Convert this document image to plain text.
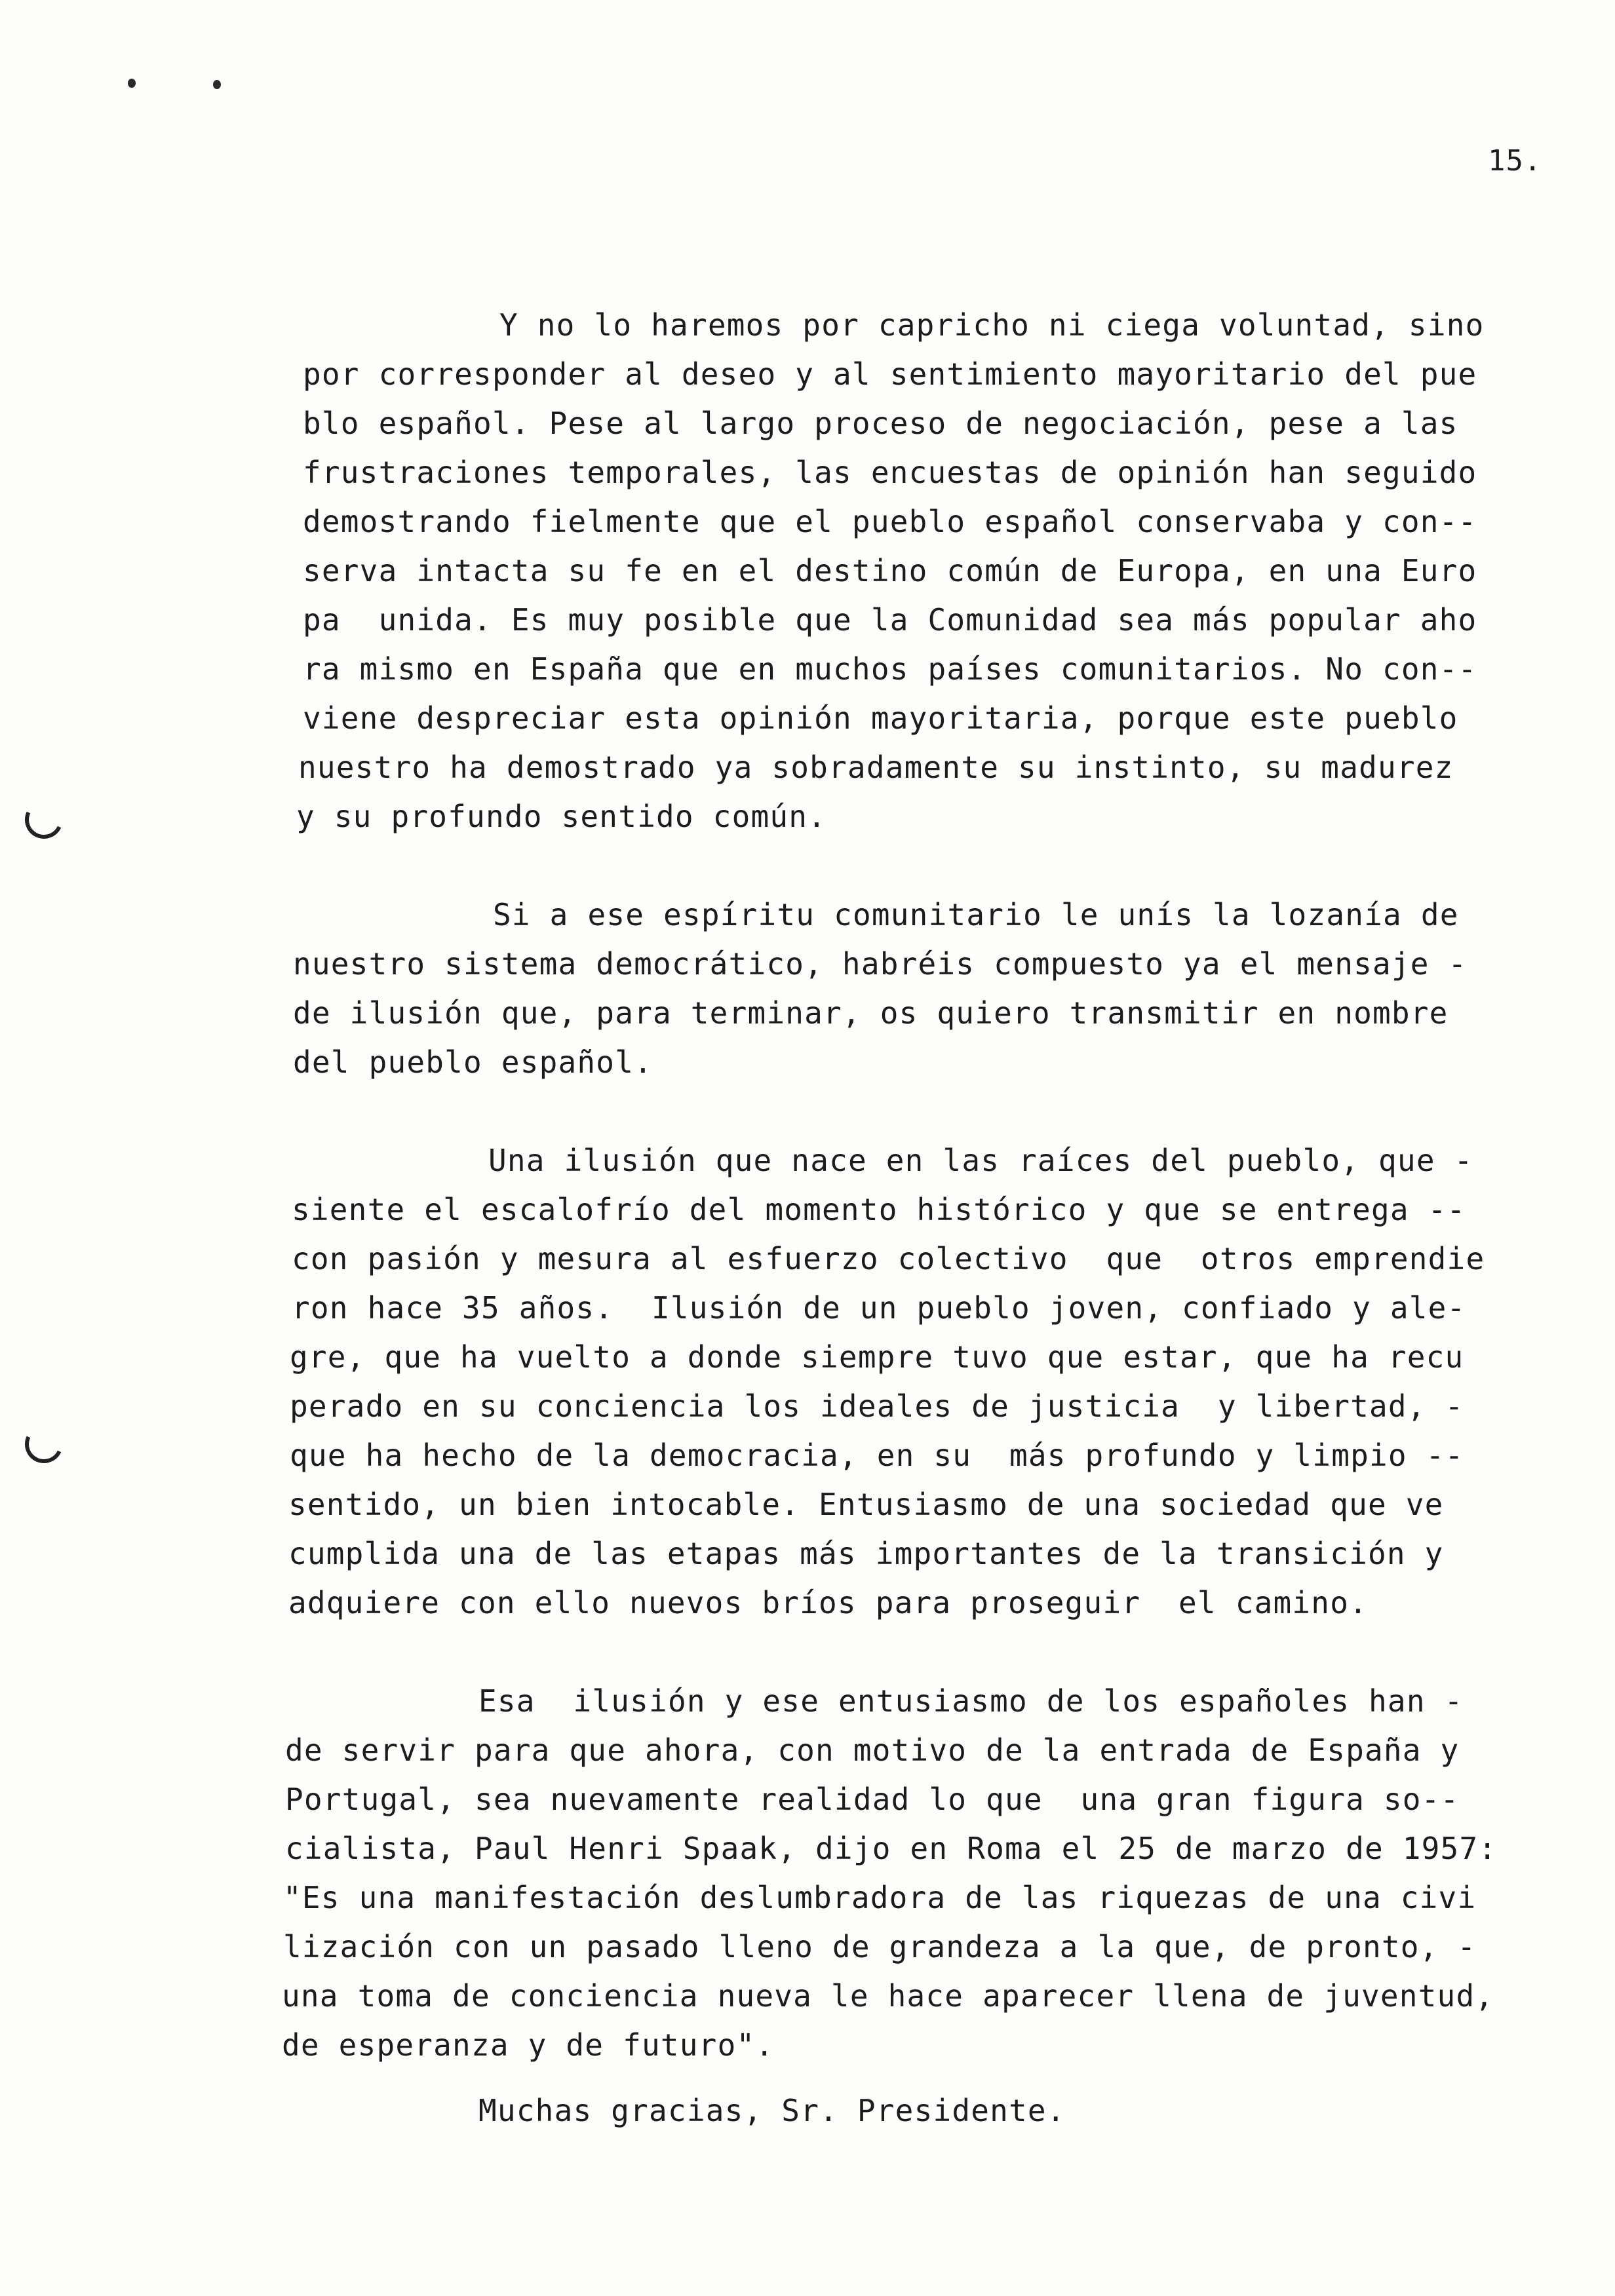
15.
Y no lo haremos por capricho ni ciega voluntad, sino
por corresponder al deseo y al sentimiento mayoritario del pue
blo español. Pese al largo proceso de negociación, pese a las
frustraciones temporales, las encuestas de opinión han seguido
demostrando fielmente que el pueblo español conservaba y con--
serva intacta su fe en el destino común de Europa, en una Euro
pa  unida. Es muy posible que la Comunidad sea más popular aho
ra mismo en España que en muchos países comunitarios. No con--
viene despreciar esta opinión mayoritaria, porque este pueblo
nuestro ha demostrado ya sobradamente su instinto, su madurez
y su profundo sentido común.
Si a ese espíritu comunitario le unís la lozanía de
nuestro sistema democrático, habréis compuesto ya el mensaje -
de ilusión que, para terminar, os quiero transmitir en nombre
del pueblo español.
Una ilusión que nace en las raíces del pueblo, que -
siente el escalofrío del momento histórico y que se entrega --
con pasión y mesura al esfuerzo colectivo  que  otros emprendie
ron hace 35 años.  Ilusión de un pueblo joven, confiado y ale-
gre, que ha vuelto a donde siempre tuvo que estar, que ha recu
perado en su conciencia los ideales de justicia  y libertad, -
que ha hecho de la democracia, en su  más profundo y limpio --
sentido, un bien intocable. Entusiasmo de una sociedad que ve
cumplida una de las etapas más importantes de la transición y
adquiere con ello nuevos bríos para proseguir  el camino.
Esa  ilusión y ese entusiasmo de los españoles han -
de servir para que ahora, con motivo de la entrada de España y
Portugal, sea nuevamente realidad lo que  una gran figura so--
cialista, Paul Henri Spaak, dijo en Roma el 25 de marzo de 1957:
"Es una manifestación deslumbradora de las riquezas de una civi
lización con un pasado lleno de grandeza a la que, de pronto, -
una toma de conciencia nueva le hace aparecer llena de juventud,
de esperanza y de futuro".
Muchas gracias, Sr. Presidente.
